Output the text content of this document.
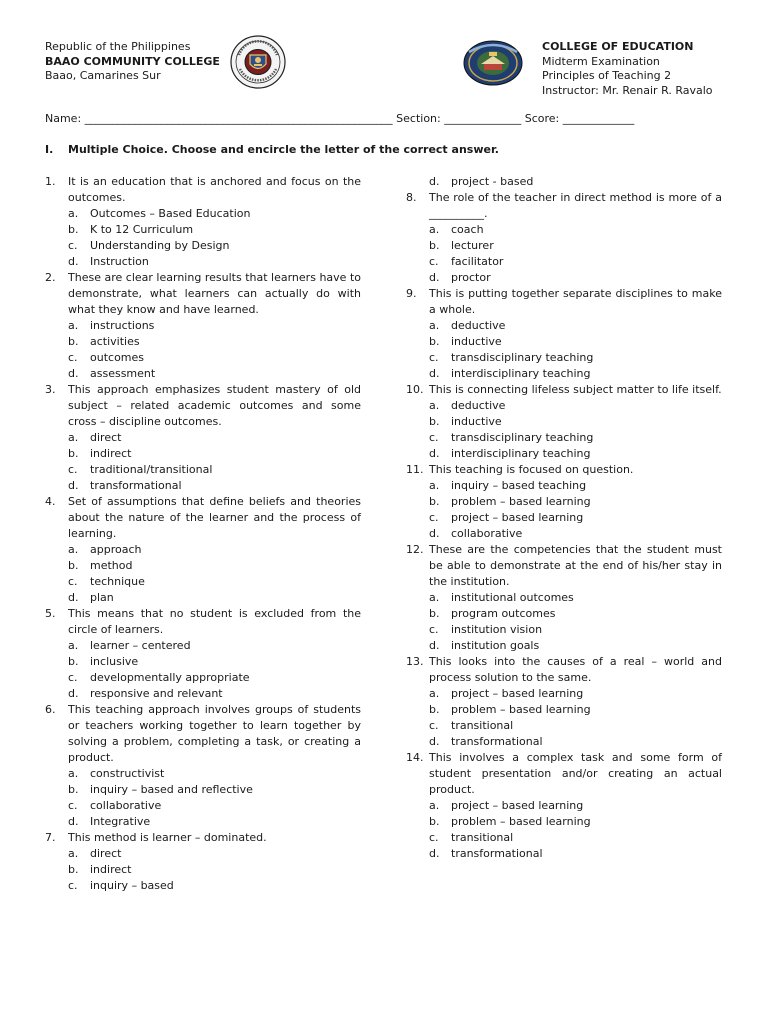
Republic of the Philippines
BAAO COMMUNITY COLLEGE
Baao, Camarines Sur
COLLEGE OF EDUCATION
Midterm Examination
Principles of Teaching 2
Instructor: Mr. Renair R. Ravalo
Name: ________________________________________________________ Section: ______________ Score: _____________
I. Multiple Choice. Choose and encircle the letter of the correct answer.
1. It is an education that is anchored and focus on the outcomes.
a. Outcomes – Based Education
b. K to 12 Curriculum
c. Understanding by Design
d. Instruction
2. These are clear learning results that learners have to demonstrate, what learners can actually do with what they know and have learned.
a. instructions
b. activities
c. outcomes
d. assessment
3. This approach emphasizes student mastery of old subject – related academic outcomes and some cross – discipline outcomes.
a. direct
b. indirect
c. traditional/transitional
d. transformational
4. Set of assumptions that define beliefs and theories about the nature of the learner and the process of learning.
a. approach
b. method
c. technique
d. plan
5. This means that no student is excluded from the circle of learners.
a. learner – centered
b. inclusive
c. developmentally appropriate
d. responsive and relevant
6. This teaching approach involves groups of students or teachers working together to learn together by solving a problem, completing a task, or creating a product.
a. constructivist
b. inquiry – based and reflective
c. collaborative
d. Integrative
7. This method is learner – dominated.
a. direct
b. indirect
c. inquiry – based
d. project - based
8. The role of the teacher in direct method is more of a __________.
a. coach
b. lecturer
c. facilitator
d. proctor
9. This is putting together separate disciplines to make a whole.
a. deductive
b. inductive
c. transdisciplinary teaching
d. interdisciplinary teaching
10. This is connecting lifeless subject matter to life itself.
a. deductive
b. inductive
c. transdisciplinary teaching
d. interdisciplinary teaching
11. This teaching is focused on question.
a. inquiry – based teaching
b. problem – based learning
c. project – based learning
d. collaborative
12. These are the competencies that the student must be able to demonstrate at the end of his/her stay in the institution.
a. institutional outcomes
b. program outcomes
c. institution vision
d. institution goals
13. This looks into the causes of a real – world and process solution to the same.
a. project – based learning
b. problem – based learning
c. transitional
d. transformational
14. This involves a complex task and some form of student presentation and/or creating an actual product.
a. project – based learning
b. problem – based learning
c. transitional
d. transformational
